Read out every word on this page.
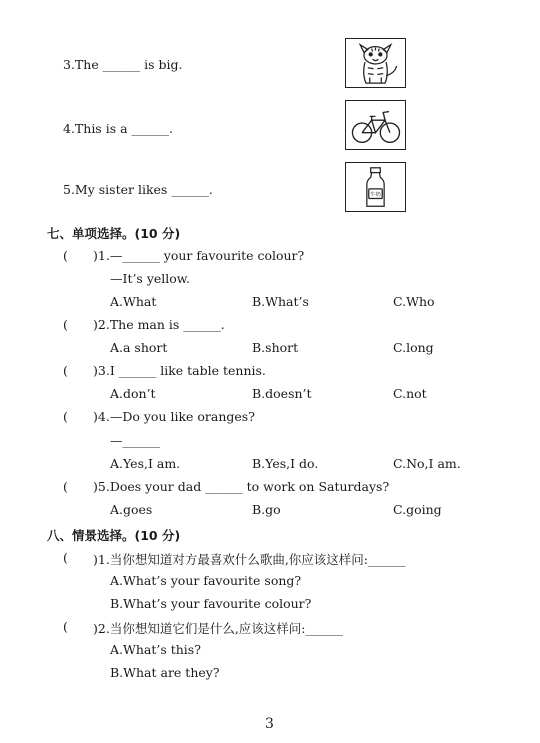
3.The ______ is big.
4.This is a ______.
5.My sister likes ______.	牛奶
七、单项选择。(10 分)
( )1.—______ your favourite colour?
—It’s yellow.
A.What	B.What’s	C.Who
( )2.The man is ______.
A.a short	B.short	C.long
( )3.I ______ like table tennis.
A.don’t	B.doesn’t	C.not
( )4.—Do you like oranges?
—______
A.Yes,I am.	B.Yes,I do.	C.No,I am.
( )5.Does your dad ______ to work on Saturdays?
A.goes	B.go	C.going
八、情景选择。(10 分)
( )1.当你想知道对方最喜欢什么歌曲,你应该这样问:______
A.What’s your favourite song?
B.What’s your favourite colour?
( )2.当你想知道它们是什么,应该这样问:______
A.What’s this?
B.What are they?
3
